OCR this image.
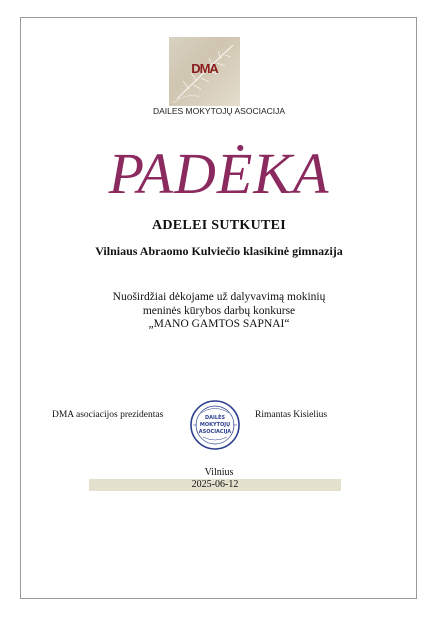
DMA
DAILES MOKYTOJŲ ASOCIACIJA
PADĖKA
ADELEI SUTKUTEI
Vilniaus Abraomo Kulviečio klasikinė gimnazija
Nuoširdžiai dėkojame už dalyvavimą mokinių
meninės kūrybos darbų konkurse
„MANO GAMTOS SAPNAI“
DMA asociacijos prezidentas	DAILĖS
MOKYTOJŲ
ASOCIACIJA
Rimantas Kisielius
Vilnius
2025-06-12
